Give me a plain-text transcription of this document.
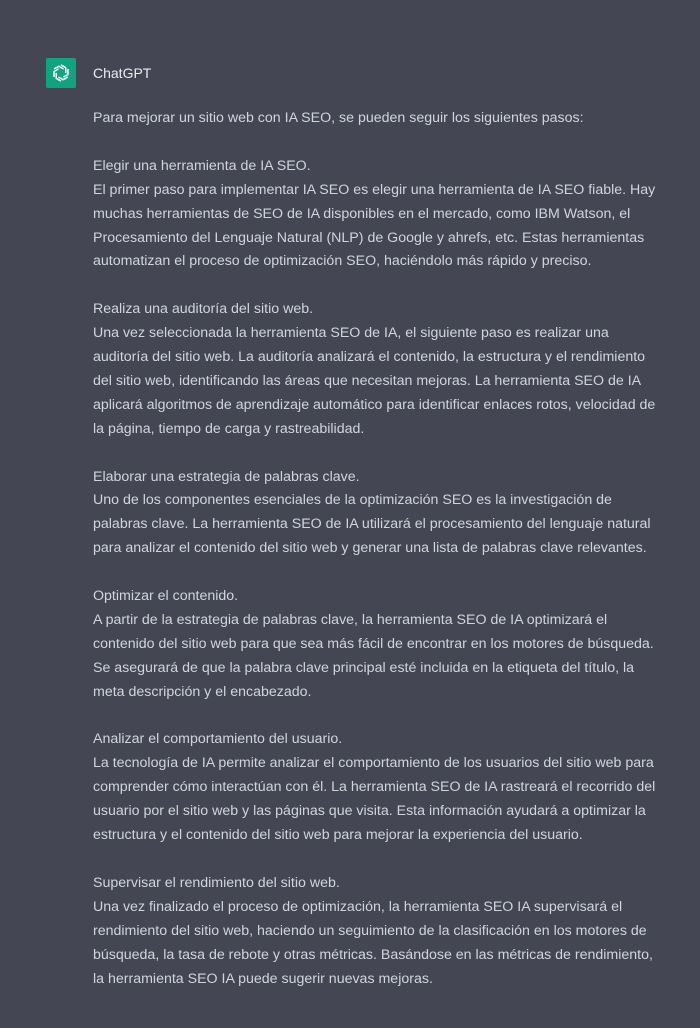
ChatGPT

Para mejorar un sitio web con IA SEO, se pueden seguir los siguientes pasos:

Elegir una herramienta de IA SEO.
El primer paso para implementar IA SEO es elegir una herramienta de IA SEO fiable. Hay muchas herramientas de SEO de IA disponibles en el mercado, como IBM Watson, el Procesamiento del Lenguaje Natural (NLP) de Google y ahrefs, etc. Estas herramientas automatizan el proceso de optimización SEO, haciéndolo más rápido y preciso.
Realiza una auditoría del sitio web.
Una vez seleccionada la herramienta SEO de IA, el siguiente paso es realizar una auditoría del sitio web. La auditoría analizará el contenido, la estructura y el rendimiento del sitio web, identificando las áreas que necesitan mejoras. La herramienta SEO de IA aplicará algoritmos de aprendizaje automático para identificar enlaces rotos, velocidad de la página, tiempo de carga y rastreabilidad.
Elaborar una estrategia de palabras clave.
Uno de los componentes esenciales de la optimización SEO es la investigación de palabras clave. La herramienta SEO de IA utilizará el procesamiento del lenguaje natural para analizar el contenido del sitio web y generar una lista de palabras clave relevantes.
Optimizar el contenido.
A partir de la estrategia de palabras clave, la herramienta SEO de IA optimizará el contenido del sitio web para que sea más fácil de encontrar en los motores de búsqueda. Se asegurará de que la palabra clave principal esté incluida en la etiqueta del título, la meta descripción y el encabezado.
Analizar el comportamiento del usuario.
La tecnología de IA permite analizar el comportamiento de los usuarios del sitio web para comprender cómo interactúan con él. La herramienta SEO de IA rastreará el recorrido del usuario por el sitio web y las páginas que visita. Esta información ayudará a optimizar la estructura y el contenido del sitio web para mejorar la experiencia del usuario.
Supervisar el rendimiento del sitio web.
Una vez finalizado el proceso de optimización, la herramienta SEO IA supervisará el rendimiento del sitio web, haciendo un seguimiento de la clasificación en los motores de búsqueda, la tasa de rebote y otras métricas. Basándose en las métricas de rendimiento, la herramienta SEO IA puede sugerir nuevas mejoras.
